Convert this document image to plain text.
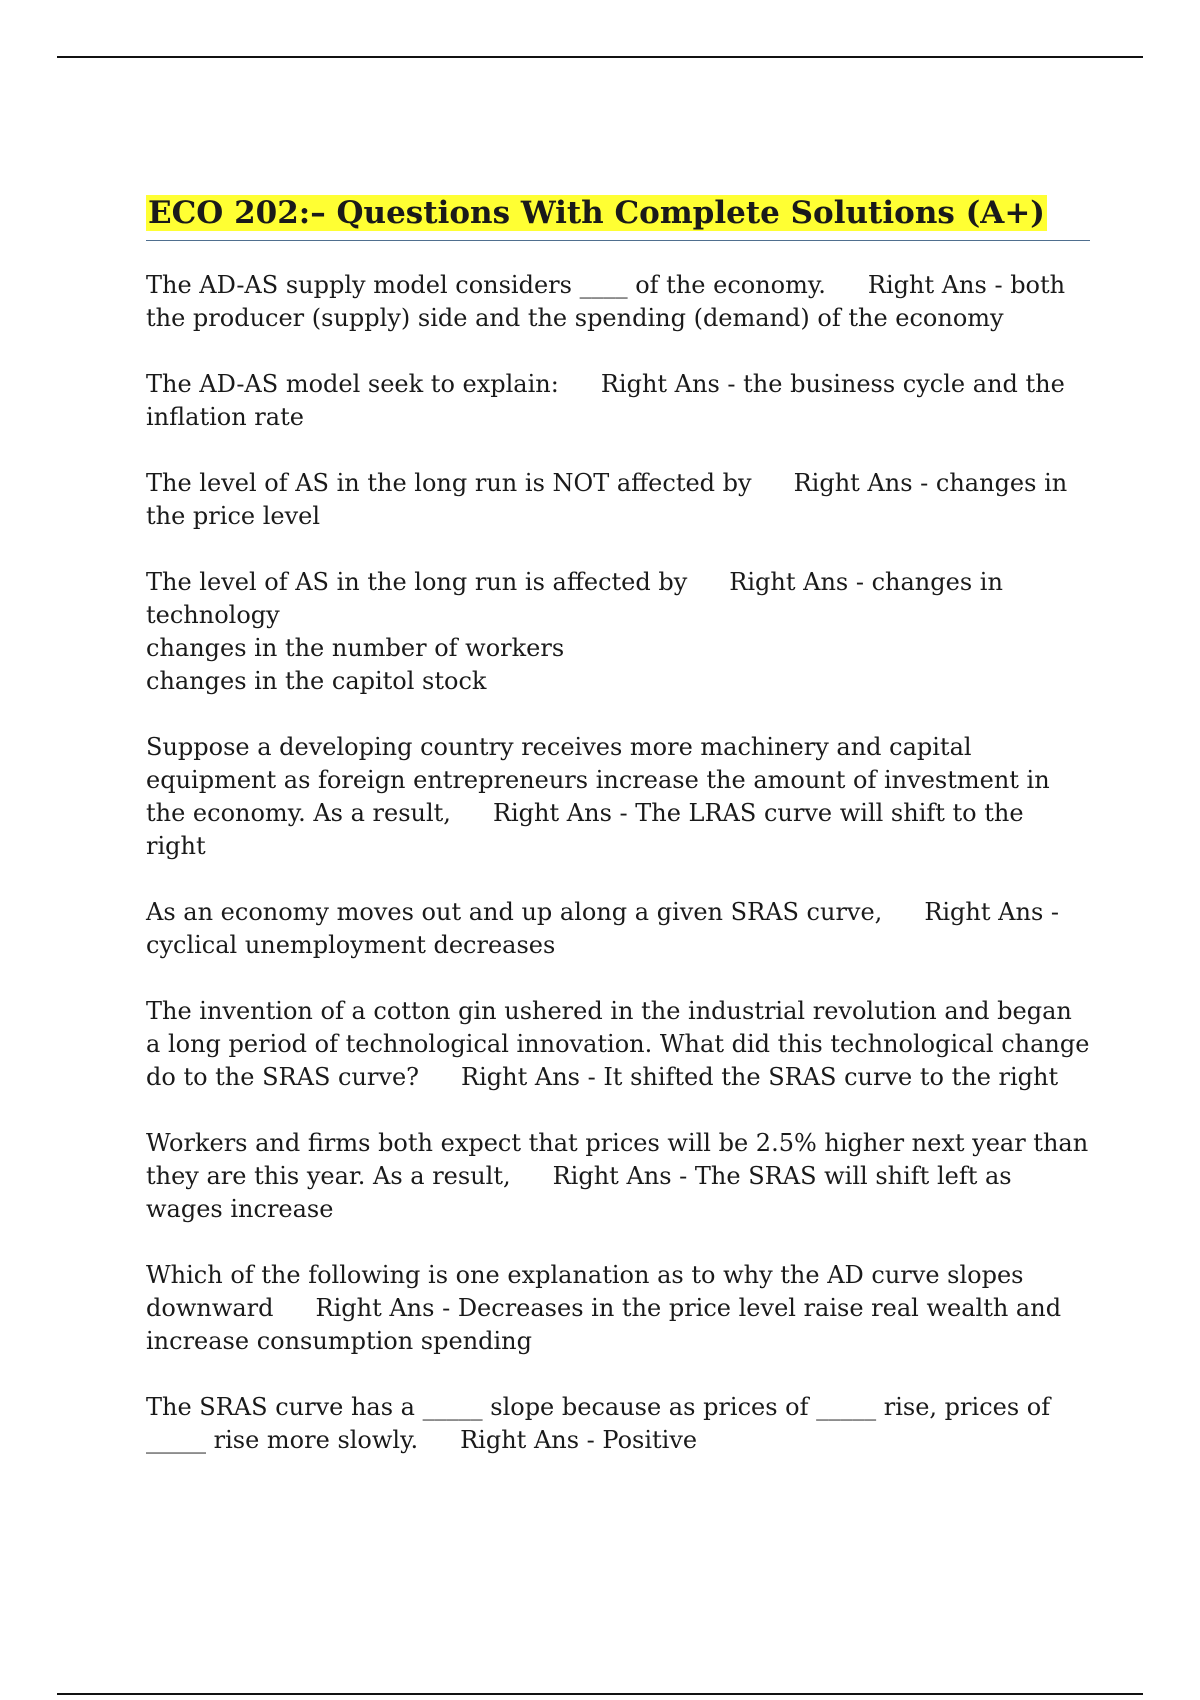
ECO 202:– Questions With Complete Solutions (A+)

The AD-AS supply model considers ____ of the economy. Right Ans - both the producer (supply) side and the spending (demand) of the economy

The AD-AS model seek to explain: Right Ans - the business cycle and the inflation rate

The level of AS in the long run is NOT affected by Right Ans - changes in the price level

The level of AS in the long run is affected by Right Ans - changes in technology
changes in the number of workers
changes in the capitol stock

Suppose a developing country receives more machinery and capital equipment as foreign entrepreneurs increase the amount of investment in the economy. As a result, Right Ans - The LRAS curve will shift to the right

As an economy moves out and up along a given SRAS curve, Right Ans - cyclical unemployment decreases

The invention of a cotton gin ushered in the industrial revolution and began a long period of technological innovation. What did this technological change do to the SRAS curve? Right Ans - It shifted the SRAS curve to the right

Workers and firms both expect that prices will be 2.5% higher next year than they are this year. As a result, Right Ans - The SRAS will shift left as wages increase

Which of the following is one explanation as to why the AD curve slopes downward Right Ans - Decreases in the price level raise real wealth and increase consumption spending

The SRAS curve has a _____ slope because as prices of _____ rise, prices of _____ rise more slowly. Right Ans - Positive
